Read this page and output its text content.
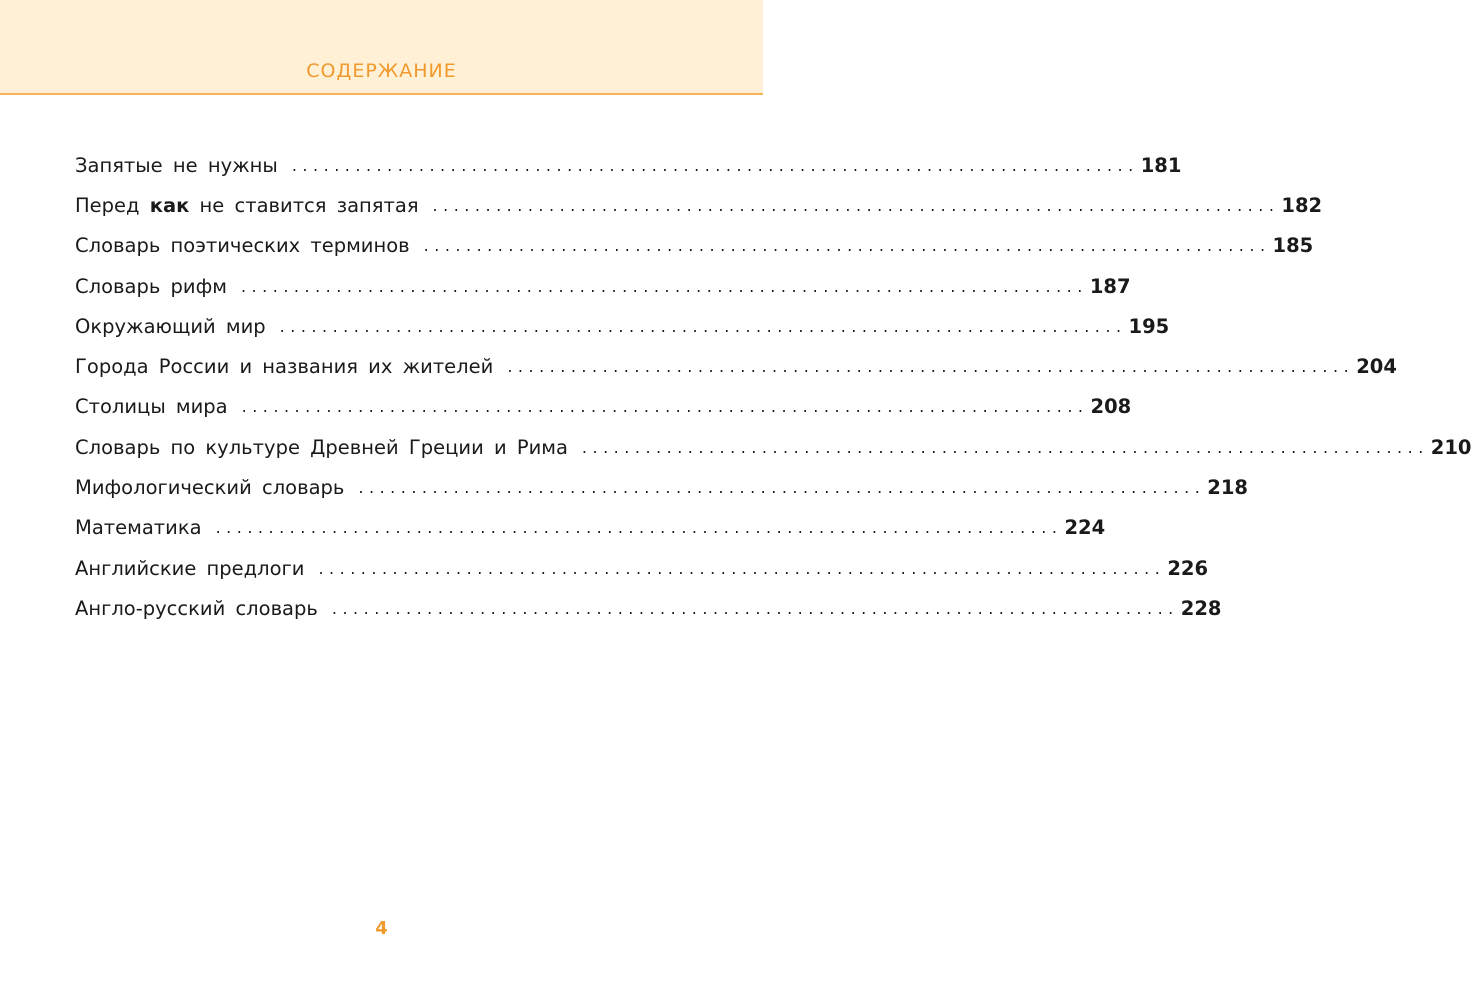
СОДЕРЖАНИЕ
Запятые не нужны ................................................................................ 181
Перед как не ставится запятая ................................................................................ 182
Словарь поэтических терминов ................................................................................ 185
Словарь рифм ................................................................................ 187
Окружающий мир ................................................................................ 195
Города России и названия их жителей ................................................................................ 204
Столицы мира ................................................................................ 208
Словарь по культуре Древней Греции и Рима ................................................................................ 210
Мифологический словарь ................................................................................ 218
Математика ................................................................................ 224
Английские предлоги ................................................................................ 226
Англо-русский словарь ................................................................................ 228
4
